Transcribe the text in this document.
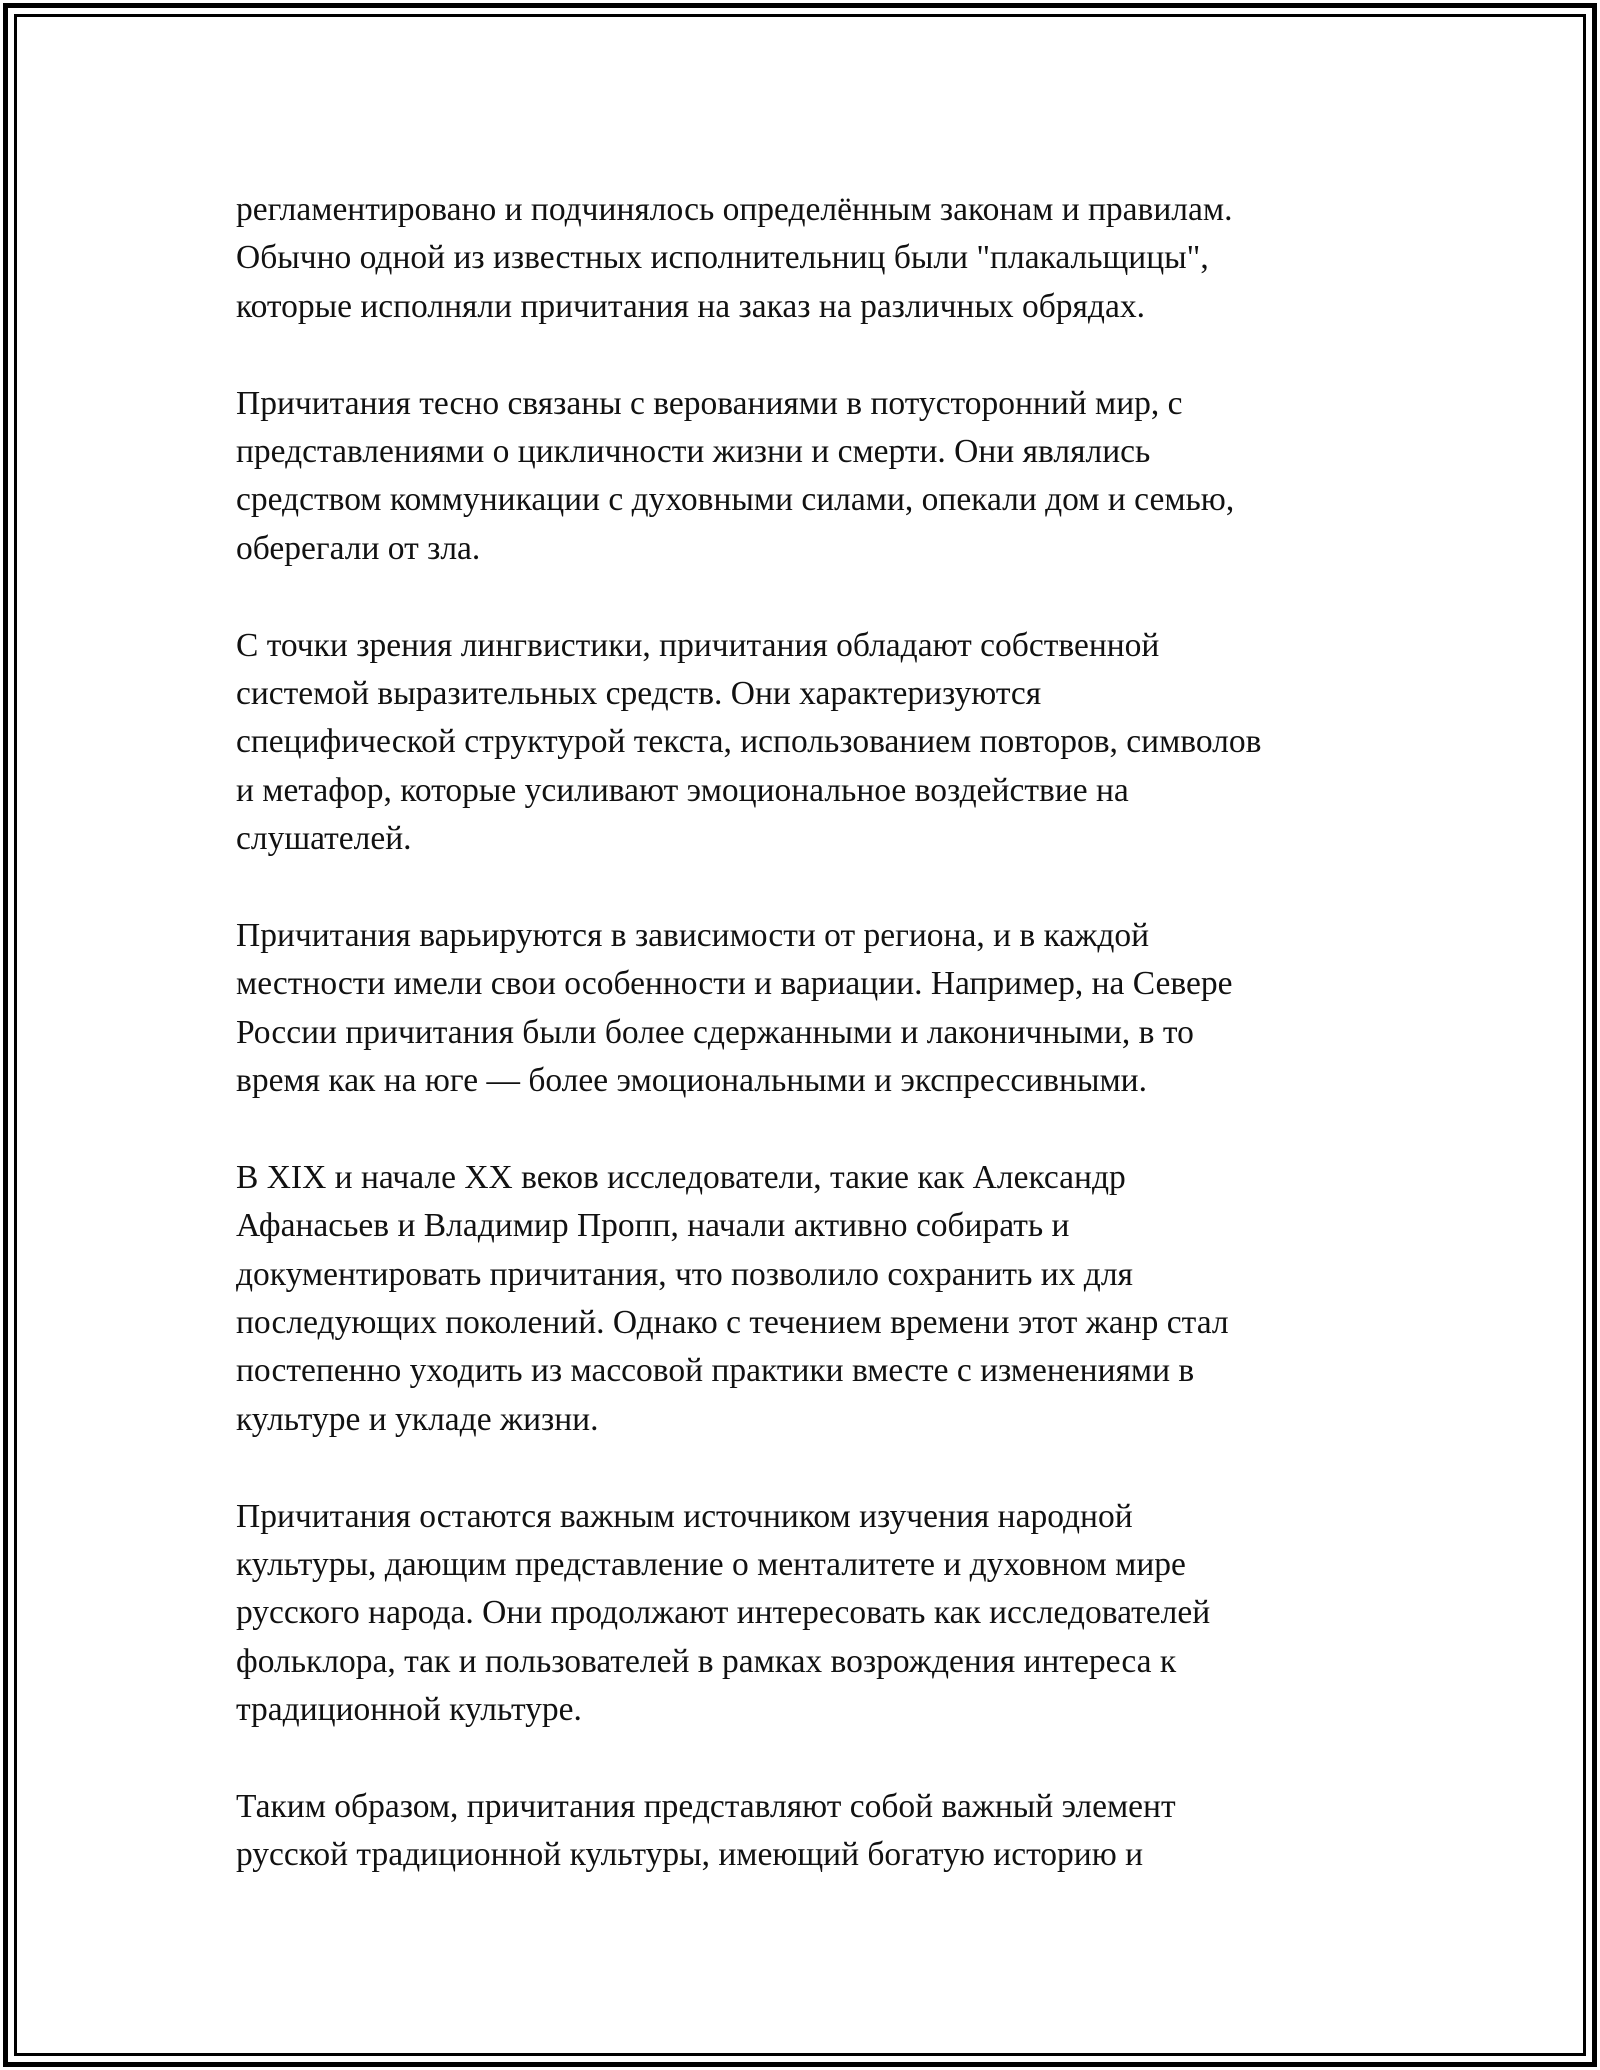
регламентировано и подчинялось определённым законам и правилам.
Обычно одной из известных исполнительниц были "плакальщицы",
которые исполняли причитания на заказ на различных обрядах.

Причитания тесно связаны с верованиями в потусторонний мир, с
представлениями о цикличности жизни и смерти. Они являлись
средством коммуникации с духовными силами, опекали дом и семью,
оберегали от зла.

С точки зрения лингвистики, причитания обладают собственной
системой выразительных средств. Они характеризуются
специфической структурой текста, использованием повторов, символов
и метафор, которые усиливают эмоциональное воздействие на
слушателей.

Причитания варьируются в зависимости от региона, и в каждой
местности имели свои особенности и вариации. Например, на Севере
России причитания были более сдержанными и лаконичными, в то
время как на юге — более эмоциональными и экспрессивными.

В XIX и начале XX веков исследователи, такие как Александр
Афанасьев и Владимир Пропп, начали активно собирать и
документировать причитания, что позволило сохранить их для
последующих поколений. Однако с течением времени этот жанр стал
постепенно уходить из массовой практики вместе с изменениями в
культуре и укладе жизни.

Причитания остаются важным источником изучения народной
культуры, дающим представление о менталитете и духовном мире
русского народа. Они продолжают интересовать как исследователей
фольклора, так и пользователей в рамках возрождения интереса к
традиционной культуре.

Таким образом, причитания представляют собой важный элемент
русской традиционной культуры, имеющий богатую историю и
